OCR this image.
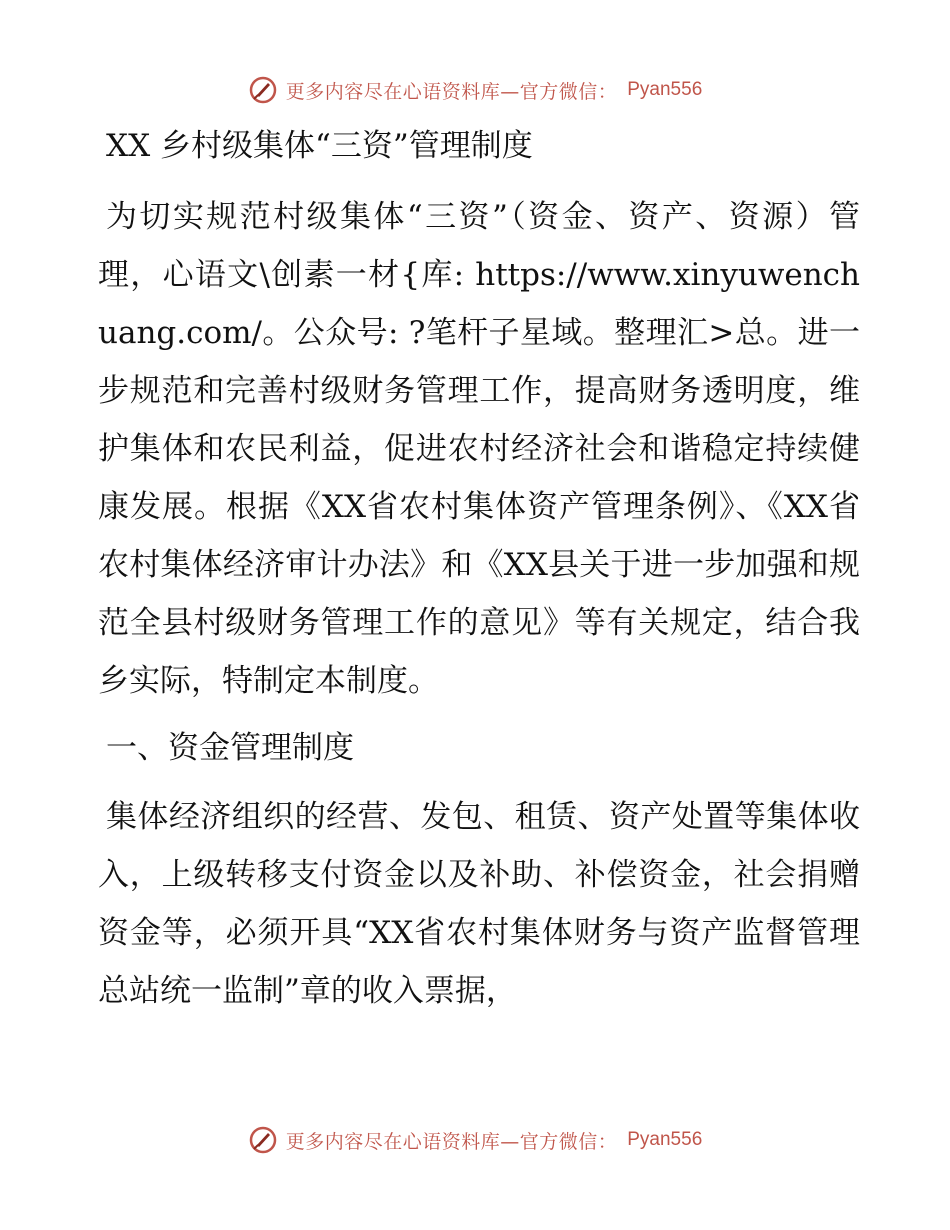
更多内容尽在心语资料库—官方微信： Pyan556
XX 乡村级集体“三资”管理制度

为切实规范村级集体“三资”（资金、资产、资源）管理，心语文\创素一材{库: https://www.xinyuwenchuang.com/。公众号: ?笔杆子星域。整理汇>总。进一步规范和完善村级财务管理工作，提高财务透明度，维护集体和农民利益，促进农村经济社会和谐稳定持续健康发展。根据《XX省农村集体资产管理条例》、《XX省农村集体经济审计办法》和《XX县关于进一步加强和规范全县村级财务管理工作的意见》等有关规定，结合我乡实际，特制定本制度。

一、资金管理制度

集体经济组织的经营、发包、租赁、资产处置等集体收入，上级转移支付资金以及补助、补偿资金，社会捐赠资金等，必须开具“XX省农村集体财务与资产监督管理总站统一监制”章的收入票据，

更多内容尽在心语资料库—官方微信： Pyan556
